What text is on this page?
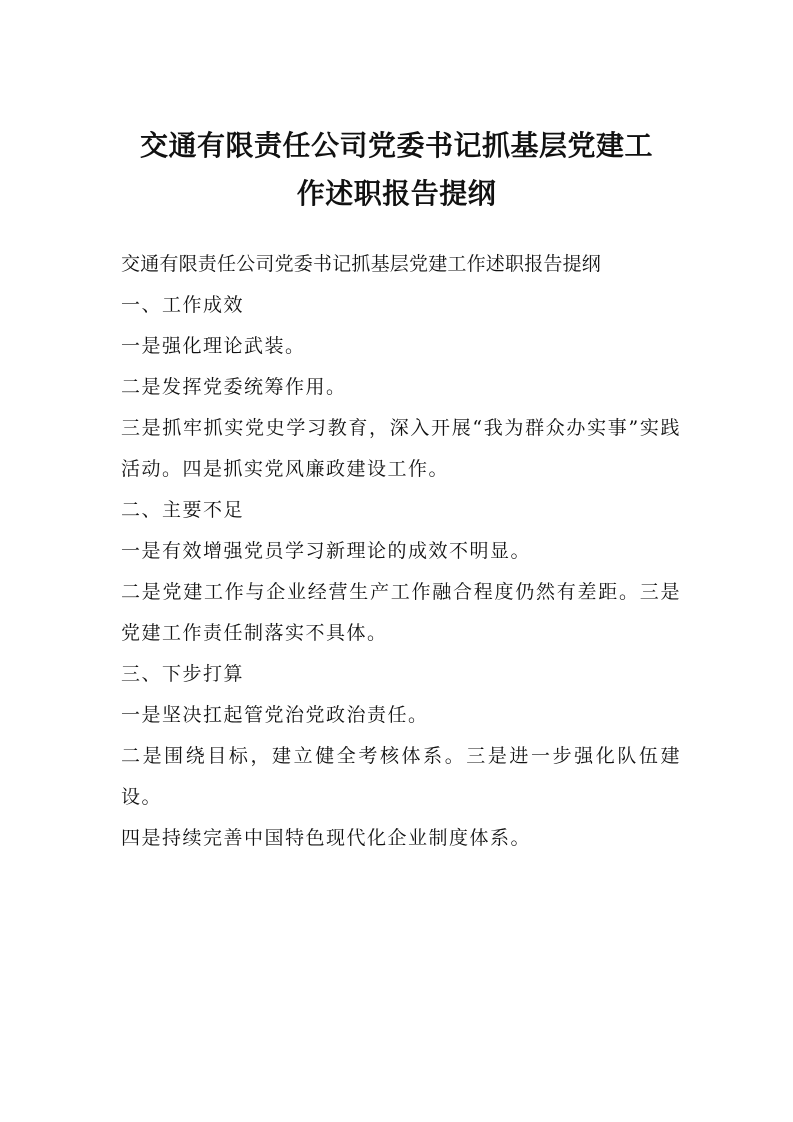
交通有限责任公司党委书记抓基层党建工
作述职报告提纲

交通有限责任公司党委书记抓基层党建工作述职报告提纲

一、工作成效

一是强化理论武装。

二是发挥党委统筹作用。

三是抓牢抓实党史学习教育，深入开展“我为群众办实事”实践活动。四是抓实党风廉政建设工作。

二、主要不足

一是有效增强党员学习新理论的成效不明显。

二是党建工作与企业经营生产工作融合程度仍然有差距。三是党建工作责任制落实不具体。

三、下步打算

一是坚决扛起管党治党政治责任。

二是围绕目标，建立健全考核体系。三是进一步强化队伍建设。

四是持续完善中国特色现代化企业制度体系。
